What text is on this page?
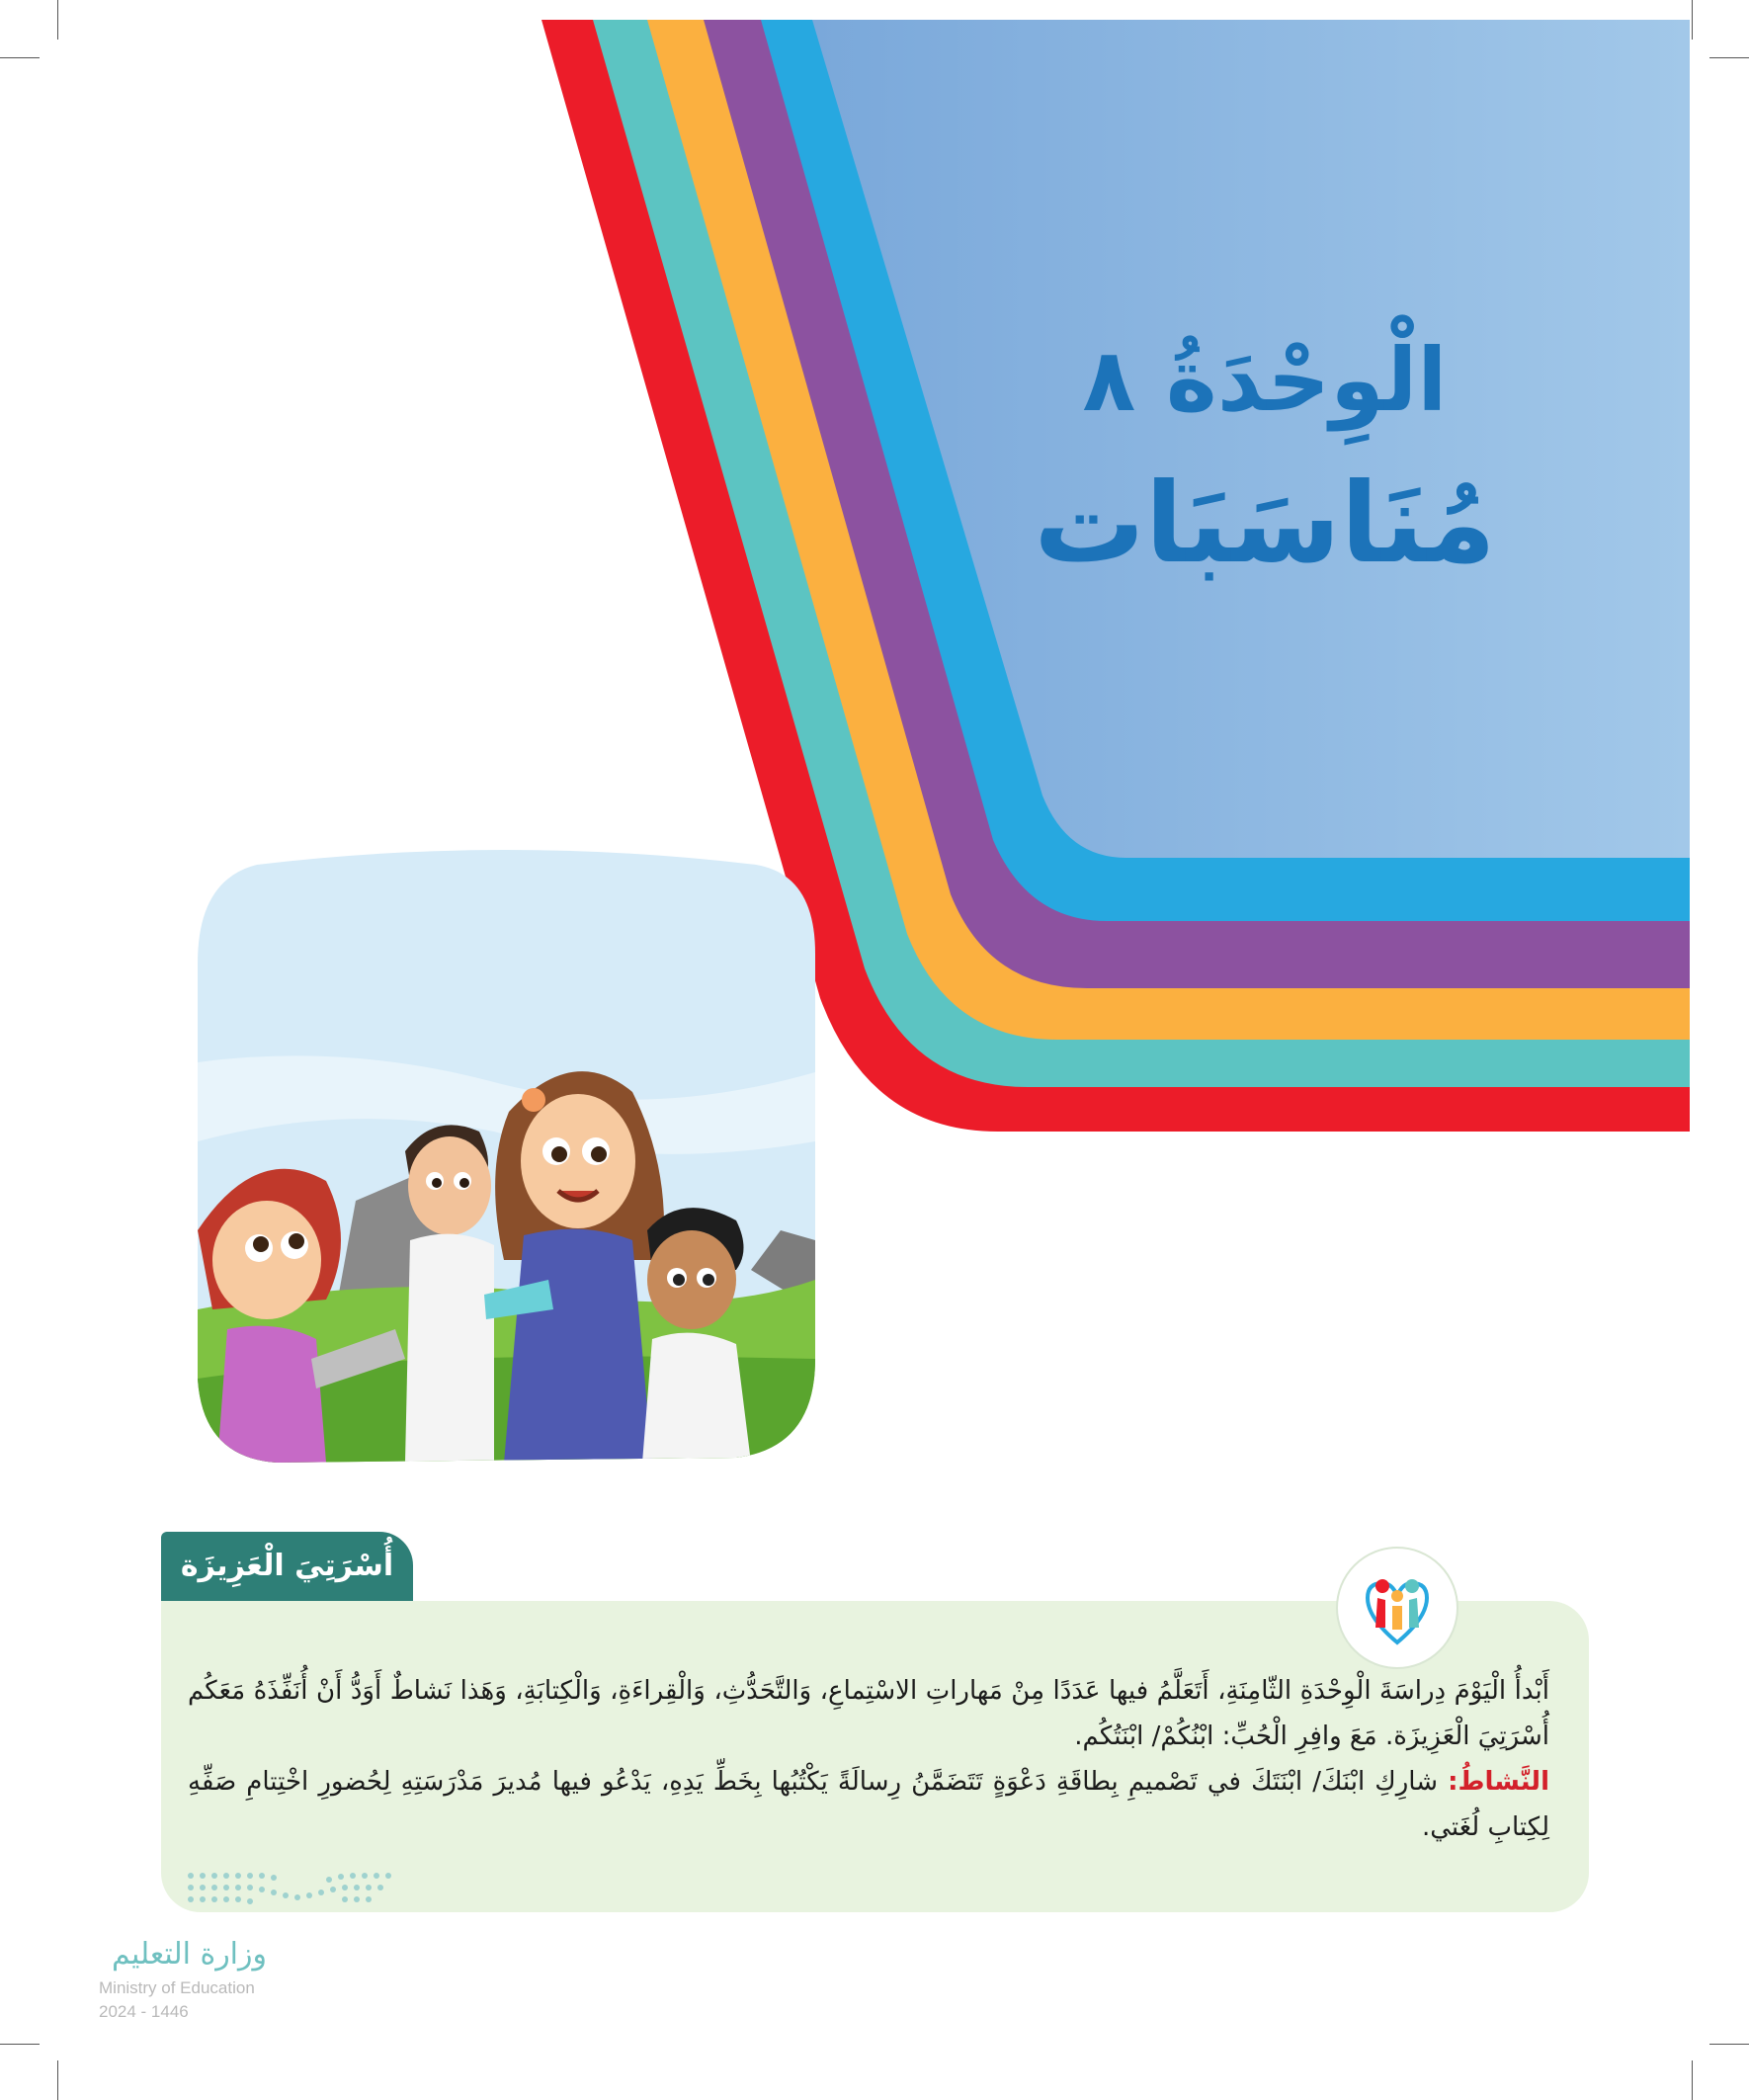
الْوِحْدَةُ ٨
مُنَاسَبَات
أُسْرَتِيَ الْعَزِيزَة

أَبْدأُ الْيَوْمَ دِراسَةَ الْوِحْدَةِ الثّامِنَةِ، أَتَعَلَّمُ فيها عَدَدًا مِنْ مَهاراتِ الاسْتِماعِ، وَالتَّحَدُّثِ، وَالْقِراءَةِ، وَالْكِتابَةِ، وَهَذا نَشاطٌ أَوَدُّ أَنْ أُنَفِّذَهُ مَعَكُم أُسْرَتِيَ الْعَزِيزَة. مَعَ وافِرِ الْحُبِّ: ابْنُكُمْ/ ابْنَتُكُم.

النَّشاطُ: شارِكِ ابْنَكَ/ ابْنَتَكَ في تَصْميمِ بِطاقَةِ دَعْوَةٍ تَتَضَمَّنُ رِسالَةً يَكْتُبُها بِخَطِّ يَدِهِ، يَدْعُو فيها مُديرَ مَدْرَسَتِهِ لِحُضورِ اخْتِتامِ صَفِّهِ لِكِتابِ لُغَتي.

وزارة التعليم
Ministry of Education
2024 - 1446
